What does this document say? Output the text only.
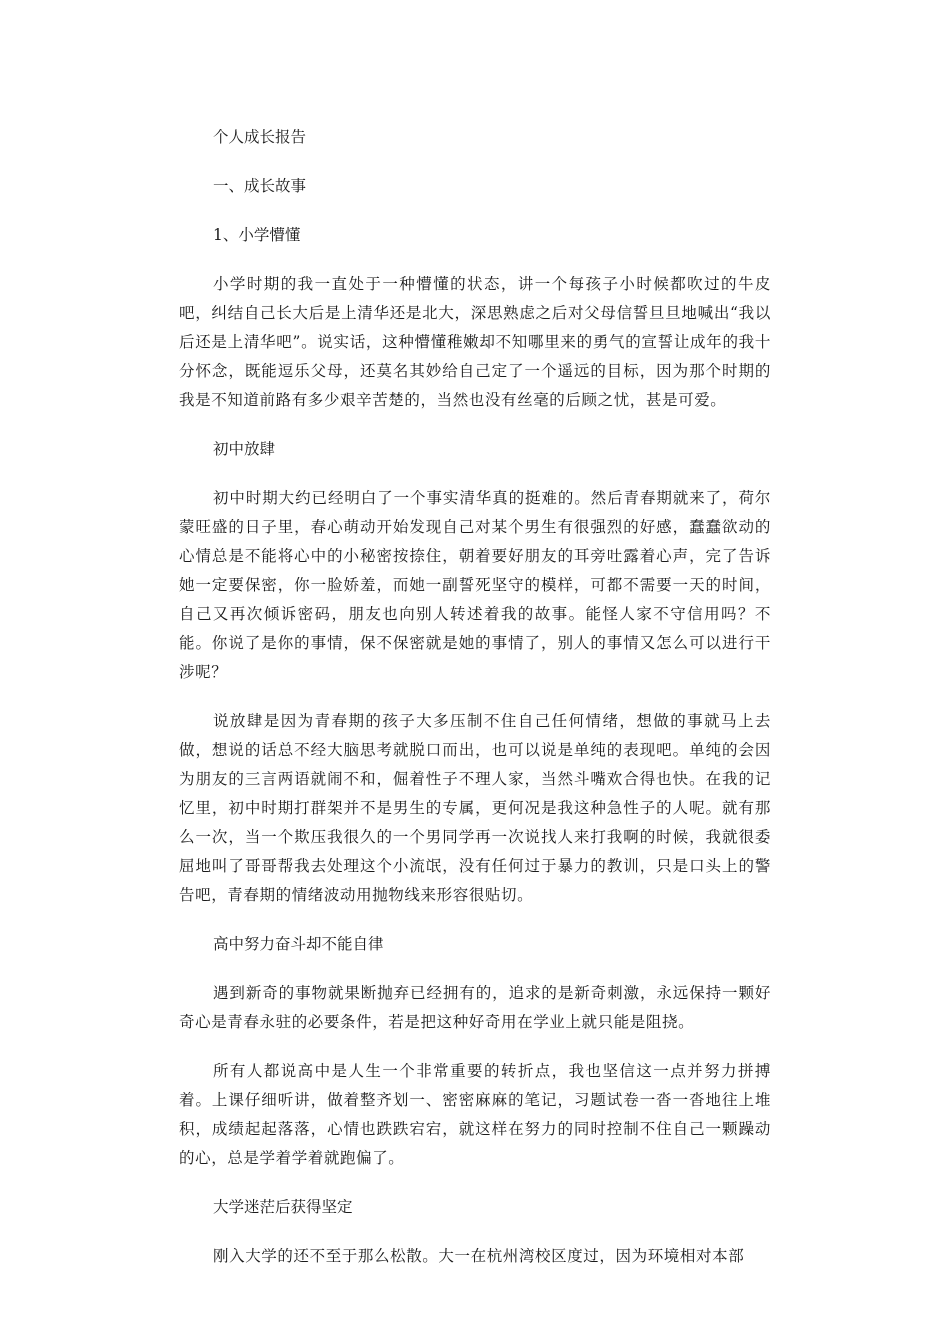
个人成长报告

一、成长故事

1、小学懵懂

小学时期的我一直处于一种懵懂的状态，讲一个每孩子小时候都吹过的牛皮吧，纠结自己长大后是上清华还是北大，深思熟虑之后对父母信誓旦旦地喊出“我以后还是上清华吧”。说实话，这种懵懂稚嫩却不知哪里来的勇气的宣誓让成年的我十分怀念，既能逗乐父母，还莫名其妙给自己定了一个遥远的目标，因为那个时期的我是不知道前路有多少艰辛苦楚的，当然也没有丝毫的后顾之忧，甚是可爱。

初中放肆

初中时期大约已经明白了一个事实清华真的挺难的。然后青春期就来了，荷尔蒙旺盛的日子里，春心萌动开始发现自己对某个男生有很强烈的好感，蠢蠢欲动的心情总是不能将心中的小秘密按捺住，朝着要好朋友的耳旁吐露着心声，完了告诉她一定要保密，你一脸娇羞，而她一副誓死坚守的模样，可都不需要一天的时间，自己又再次倾诉密码，朋友也向别人转述着我的故事。能怪人家不守信用吗？不能。你说了是你的事情，保不保密就是她的事情了，别人的事情又怎么可以进行干涉呢？

说放肆是因为青春期的孩子大多压制不住自己任何情绪，想做的事就马上去做，想说的话总不经大脑思考就脱口而出，也可以说是单纯的表现吧。单纯的会因为朋友的三言两语就闹不和，倔着性子不理人家，当然斗嘴欢合得也快。在我的记忆里，初中时期打群架并不是男生的专属，更何况是我这种急性子的人呢。就有那么一次，当一个欺压我很久的一个男同学再一次说找人来打我啊的时候，我就很委屈地叫了哥哥帮我去处理这个小流氓，没有任何过于暴力的教训，只是口头上的警告吧，青春期的情绪波动用抛物线来形容很贴切。

高中努力奋斗却不能自律

遇到新奇的事物就果断抛弃已经拥有的，追求的是新奇刺激，永远保持一颗好奇心是青春永驻的必要条件，若是把这种好奇用在学业上就只能是阻挠。

所有人都说高中是人生一个非常重要的转折点，我也坚信这一点并努力拼搏着。上课仔细听讲，做着整齐划一、密密麻麻的笔记，习题试卷一沓一沓地往上堆积，成绩起起落落，心情也跌跌宕宕，就这样在努力的同时控制不住自己一颗躁动的心，总是学着学着就跑偏了。

大学迷茫后获得坚定

刚入大学的还不至于那么松散。大一在杭州湾校区度过，因为环境相对本部
